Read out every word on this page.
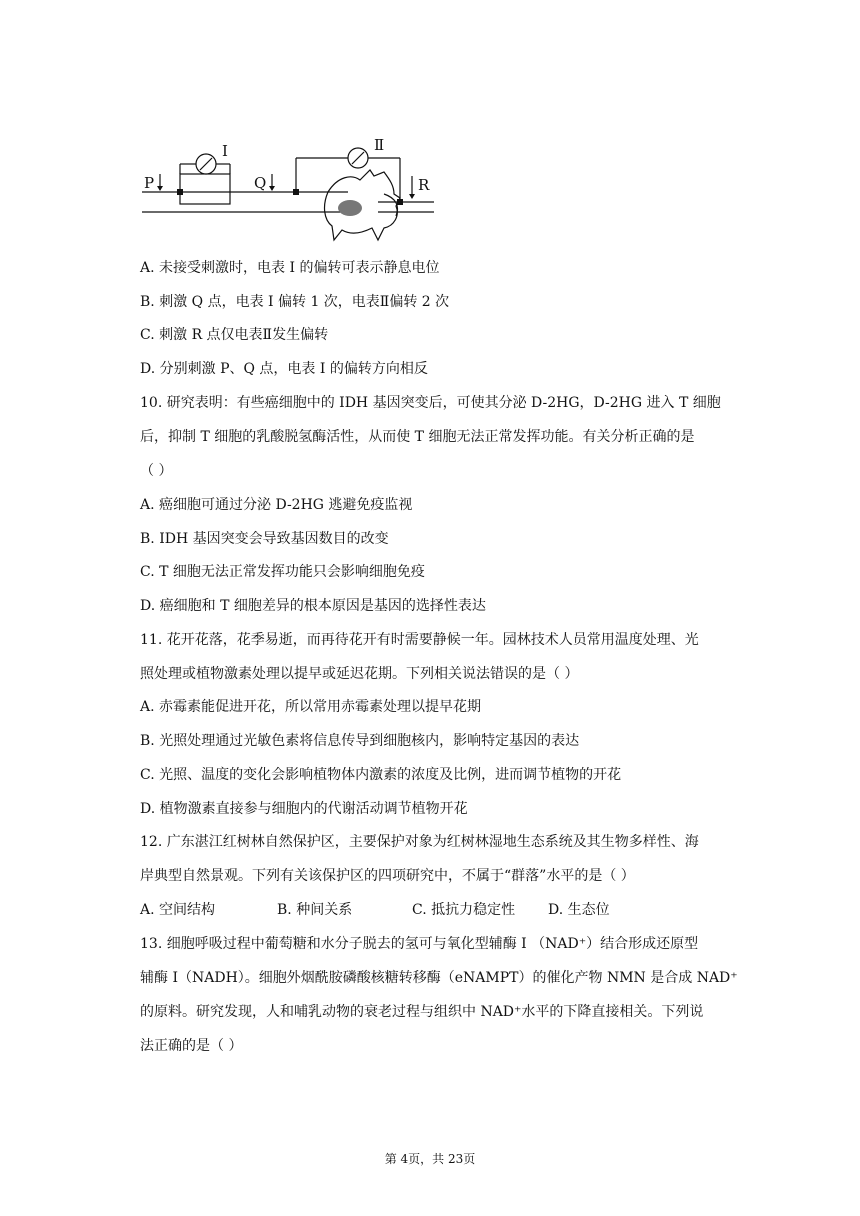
P	Q	R
I	Ⅱ
A. 未接受刺激时，电表 I 的偏转可表示静息电位
B. 刺激 Q 点，电表 I 偏转 1 次，电表Ⅱ偏转 2 次
C. 刺激 R 点仅电表Ⅱ发生偏转
D. 分别刺激 P、Q 点，电表 I 的偏转方向相反
10. 研究表明：有些癌细胞中的 IDH 基因突变后，可使其分泌 D-2HG，D-2HG 进入 T 细胞
后，抑制 T 细胞的乳酸脱氢酶活性，从而使 T 细胞无法正常发挥功能。有关分析正确的是
（ ）
A. 癌细胞可通过分泌 D-2HG 逃避免疫监视
B. IDH 基因突变会导致基因数目的改变
C. T 细胞无法正常发挥功能只会影响细胞免疫
D. 癌细胞和 T 细胞差异的根本原因是基因的选择性表达
11. 花开花落，花季易逝，而再待花开有时需要静候一年。园林技术人员常用温度处理、光
照处理或植物激素处理以提早或延迟花期。下列相关说法错误的是（ ）
A. 赤霉素能促进开花，所以常用赤霉素处理以提早花期
B. 光照处理通过光敏色素将信息传导到细胞核内，影响特定基因的表达
C. 光照、温度的变化会影响植物体内激素的浓度及比例，进而调节植物的开花
D. 植物激素直接参与细胞内的代谢活动调节植物开花
12. 广东湛江红树林自然保护区，主要保护对象为红树林湿地生态系统及其生物多样性、海
岸典型自然景观。下列有关该保护区的四项研究中，不属于“群落”水平的是（ ）
A. 空间结构	B. 种间关系	C. 抵抗力稳定性 D. 生态位
13. 细胞呼吸过程中葡萄糖和水分子脱去的氢可与氧化型辅酶 I （NAD⁺）结合形成还原型
辅酶 I（NADH）。细胞外烟酰胺磷酸核糖转移酶（eNAMPT）的催化产物 NMN 是合成 NAD⁺
的原料。研究发现，人和哺乳动物的衰老过程与组织中 NAD⁺水平的下降直接相关。下列说
法正确的是（ ）
第 4页，共 23页
